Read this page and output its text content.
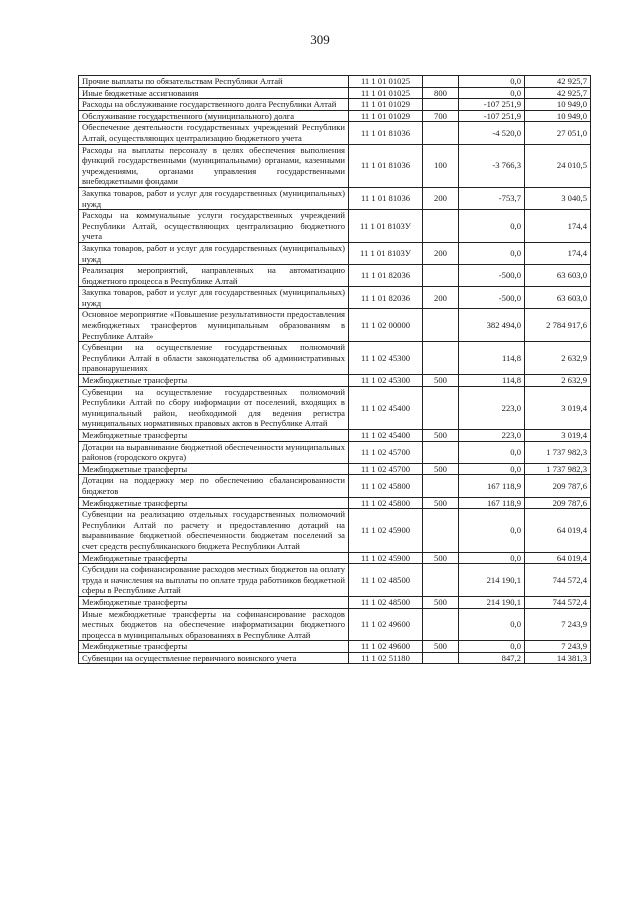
309
Прочие выплаты по обязательствам Республики Алтай	11 1 01 01025		0,0	42 925,7
Иные бюджетные ассигнования	11 1 01 01025	800	0,0	42 925,7
Расходы на обслуживание государственного долга Республики Алтай	11 1 01 01029		-107 251,9	10 949,0
Обслуживание государственного (муниципального) долга	11 1 01 01029	700	-107 251,9	10 949,0
Обеспечение деятельности государственных учреждений Республики Алтай, осуществляющих централизацию бюджетного учета	11 1 01 81036		-4 520,0	27 051,0
Расходы на выплаты персоналу в целях обеспечения выполнения функций государственными (муниципальными) органами, казенными учреждениями, органами управления государственными внебюджетными фондами	11 1 01 81036	100	-3 766,3	24 010,5
Закупка товаров, работ и услуг для государственных (муниципальных) нужд	11 1 01 81036	200	-753,7	3 040,5
Расходы на коммунальные услуги государственных учреждений Республики Алтай, осуществляющих централизацию бюджетного учета	11 1 01 8103У		0,0	174,4
Закупка товаров, работ и услуг для государственных (муниципальных) нужд	11 1 01 8103У	200	0,0	174,4
Реализация мероприятий, направленных на автоматизацию бюджетного процесса в Республике Алтай	11 1 01 82036		-500,0	63 603,0
Закупка товаров, работ и услуг для государственных (муниципальных) нужд	11 1 01 82036	200	-500,0	63 603,0
Основное мероприятие «Повышение результативности предоставления межбюджетных трансфертов муниципальным образованиям в Республике Алтай»	11 1 02 00000		382 494,0	2 784 917,6
Субвенции на осуществление государственных полномочий Республики Алтай в области законодательства об административных правонарушениях	11 1 02 45300		114,8	2 632,9
Межбюджетные трансферты	11 1 02 45300	500	114,8	2 632,9
Субвенции на осуществление государственных полномочий Республики Алтай по сбору информации от поселений, входящих в муниципальный район, необходимой для ведения регистра муниципальных нормативных правовых актов в Республике Алтай	11 1 02 45400		223,0	3 019,4
Межбюджетные трансферты	11 1 02 45400	500	223,0	3 019,4
Дотации на выравнивание бюджетной обеспеченности муниципальных районов (городского округа)	11 1 02 45700		0,0	1 737 982,3
Межбюджетные трансферты	11 1 02 45700	500	0,0	1 737 982,3
Дотации на поддержку мер по обеспечению сбалансированности бюджетов	11 1 02 45800		167 118,9	209 787,6
Межбюджетные трансферты	11 1 02 45800	500	167 118,9	209 787,6
Субвенции на реализацию отдельных государственных полномочий Республики Алтай по расчету и предоставлению дотаций на выравнивание бюджетной обеспеченности бюджетам поселений за счет средств республиканского бюджета Республики Алтай	11 1 02 45900		0,0	64 019,4
Межбюджетные трансферты	11 1 02 45900	500	0,0	64 019,4
Субсидии на софинансирование расходов местных бюджетов на оплату труда и начисления на выплаты по оплате труда работников бюджетной сферы в Республике Алтай	11 1 02 48500		214 190,1	744 572,4
Межбюджетные трансферты	11 1 02 48500	500	214 190,1	744 572,4
Иные межбюджетные трансферты на софинансирование расходов местных бюджетов на обеспечение информатизации бюджетного процесса в муниципальных образованиях в Республике Алтай	11 1 02 49600		0,0	7 243,9
Межбюджетные трансферты	11 1 02 49600	500	0,0	7 243,9
Субвенции на осуществление первичного воинского учета	11 1 02 51180		847,2	14 381,3
